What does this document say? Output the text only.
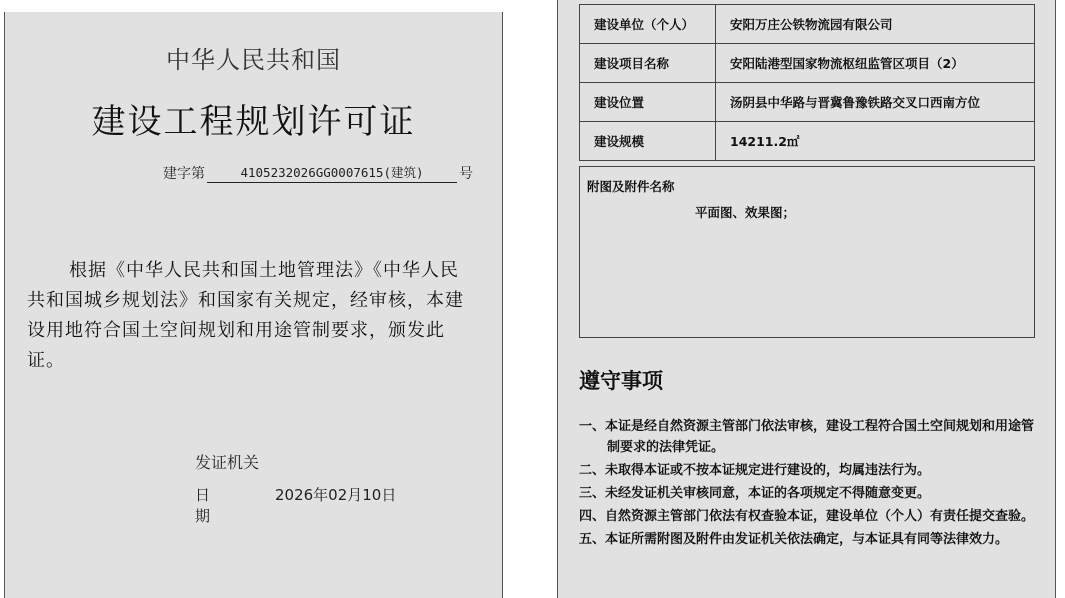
中华人民共和国
建设工程规划许可证
建字第	4105232026GG0007615(建筑)	号
根据《中华人民共和国土地管理法》《中华人民共和国城乡规划法》和国家有关规定，经审核，本建设用地符合国土空间规划和用途管制要求，颁发此证。
发证机关
日期
2026年02月10日
建设单位（个人）	安阳万庄公铁物流园有限公司
建设项目名称	安阳陆港型国家物流枢纽监管区项目（2）
建设位置	汤阴县中华路与晋冀鲁豫铁路交叉口西南方位
建设规模	14211.2㎡
附图及附件名称
平面图、效果图；
遵守事项
一、本证是经自然资源主管部门依法审核，建设工程符合国土空间规划和用途管制要求的法律凭证。
二、未取得本证或不按本证规定进行建设的，均属违法行为。
三、未经发证机关审核同意，本证的各项规定不得随意变更。
四、自然资源主管部门依法有权查验本证，建设单位（个人）有责任提交查验。
五、本证所需附图及附件由发证机关依法确定，与本证具有同等法律效力。
